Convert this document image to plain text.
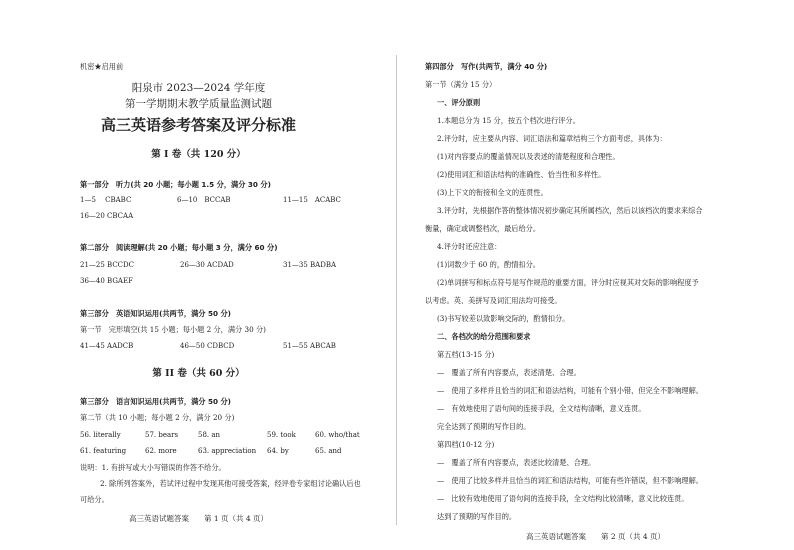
机密★启用前
阳泉市 2023—2024 学年度
第一学期期末教学质量监测试题
高三英语参考答案及评分标准
第 I 卷（共 120 分）
第一部分　听力(共 20 小题；每小题 1.5 分，满分 30 分)
1—5　 CBABC	6—10　BCCAB	11—15　ACABC
16—20 CBCAA
第二部分　阅读理解(共 20 小题；每小题 3 分，满分 60 分)
21—25 BCCDC	26—30 ACDAD	31—35 BADBA
36—40 BGAEF
第三部分　英语知识运用(共两节，满分 50 分)
第一节　完形填空(共 15 小题；每小题 2 分，满分 30 分)
41—45 AADCB	46—50 CDBCD	51—55 ABCAB
第 II 卷（共 60 分）
第三部分　语言知识运用(共两节，满分 50 分)
第二节（共 10 小题；每小题 2 分，满分 20 分)
56. literally	57. bears	58. an	59. took	60. who/that
61. featuring	62. more	63. appreciation 64. by	65. and
说明：1. 有拼写或大小写错误的作答不给分。
2. 除所列答案外，若试评过程中发现其他可接受答案，经评卷专家组讨论确认后也
可给分。
高三英语试题答案　　第 1 页（共 4 页）
第四部分　写作(共两节，满分 40 分)
第一节（满分 15 分）
一、评分原则
1.本题总分为 15 分，按五个档次进行评分。
2.评分时，应主要从内容、词汇语法和篇章结构三个方面考虑，具体为：
(1)对内容要点的覆盖情况以及表述的清楚程度和合理性。
(2)使用词汇和语法结构的准确性、恰当性和多样性。
(3)上下文的衔接和全文的连贯性。
3.评分时，先根据作答的整体情况初步确定其所属档次，然后以该档次的要求来综合
衡量，确定或调整档次，最后给分。
4.评分时还应注意：
(1)词数少于 60 的，酌情扣分。
(2)单词拼写和标点符号是写作规范的重要方面，评分时应视其对交际的影响程度予
以考虑。英、美拼写及词汇用法均可接受。
(3)书写较差以致影响交际的，酌情扣分。
二、各档次的给分范围和要求
第五档(13-15 分)
—　覆盖了所有内容要点，表述清楚、合理。
—　使用了多样并且恰当的词汇和语法结构，可能有个别小错，但完全不影响理解。
—　有效地使用了语句间的连接手段，全文结构清晰，意义连贯。
完全达到了预期的写作目的。
第四档(10-12 分)
—　覆盖了所有内容要点，表述比较清楚、合理。
—　使用了比较多样并且恰当的词汇和语法结构，可能有些许错误，但不影响理解。
—　比较有效地使用了语句间的连接手段，全文结构比较清晰，意义比较连贯。
达到了预期的写作目的。
高三英语试题答案　　第 2 页（共 4 页）
